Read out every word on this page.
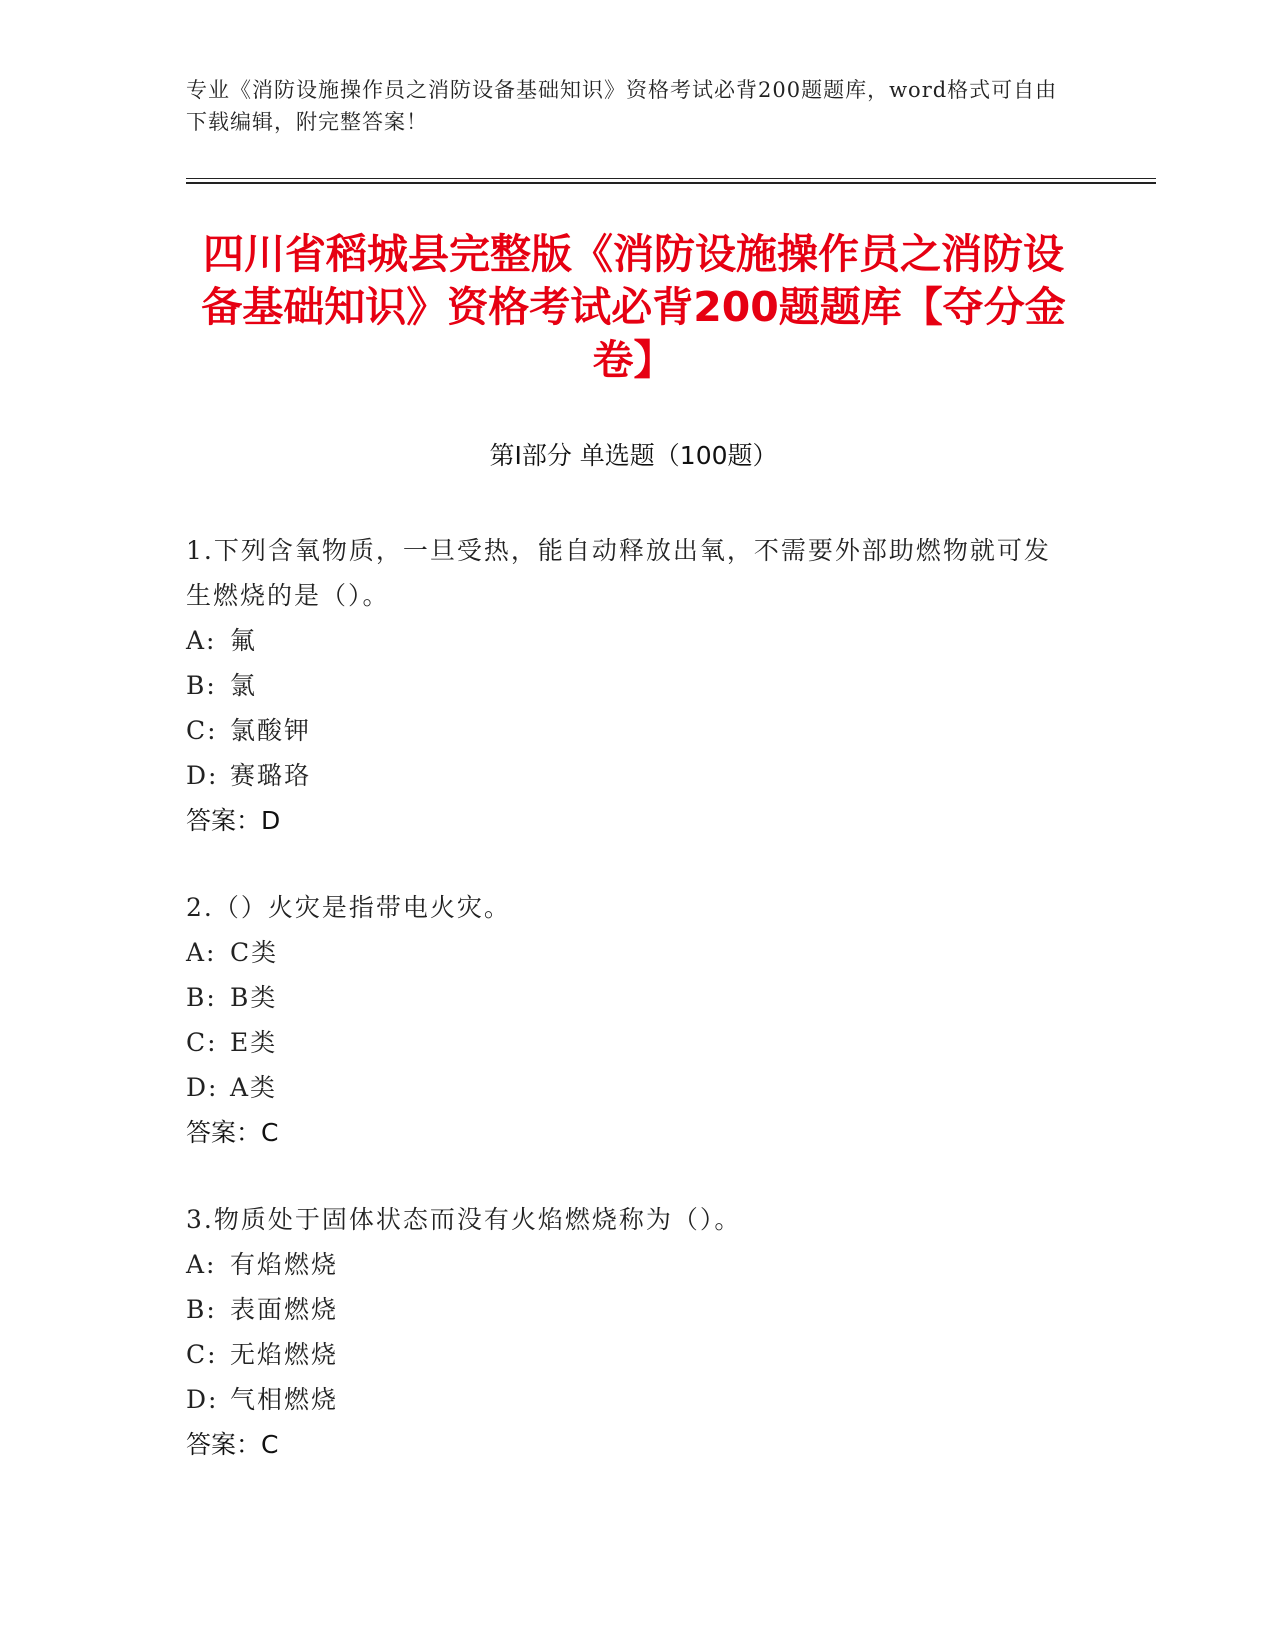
专业《消防设施操作员之消防设备基础知识》资格考试必背200题题库，word格式可自由下载编辑，附完整答案！
四川省稻城县完整版《消防设施操作员之消防设备基础知识》资格考试必背200题题库【夺分金卷】
第I部分 单选题（100题）
1.下列含氧物质，一旦受热，能自动释放出氧，不需要外部助燃物就可发生燃烧的是（）。
A: 氟
B: 氯
C: 氯酸钾
D: 赛璐珞
答案：D
2.（）火灾是指带电火灾。
A: C类
B: B类
C: E类
D: A类
答案：C
3.物质处于固体状态而没有火焰燃烧称为（）。
A: 有焰燃烧
B: 表面燃烧
C: 无焰燃烧
D: 气相燃烧
答案：C
